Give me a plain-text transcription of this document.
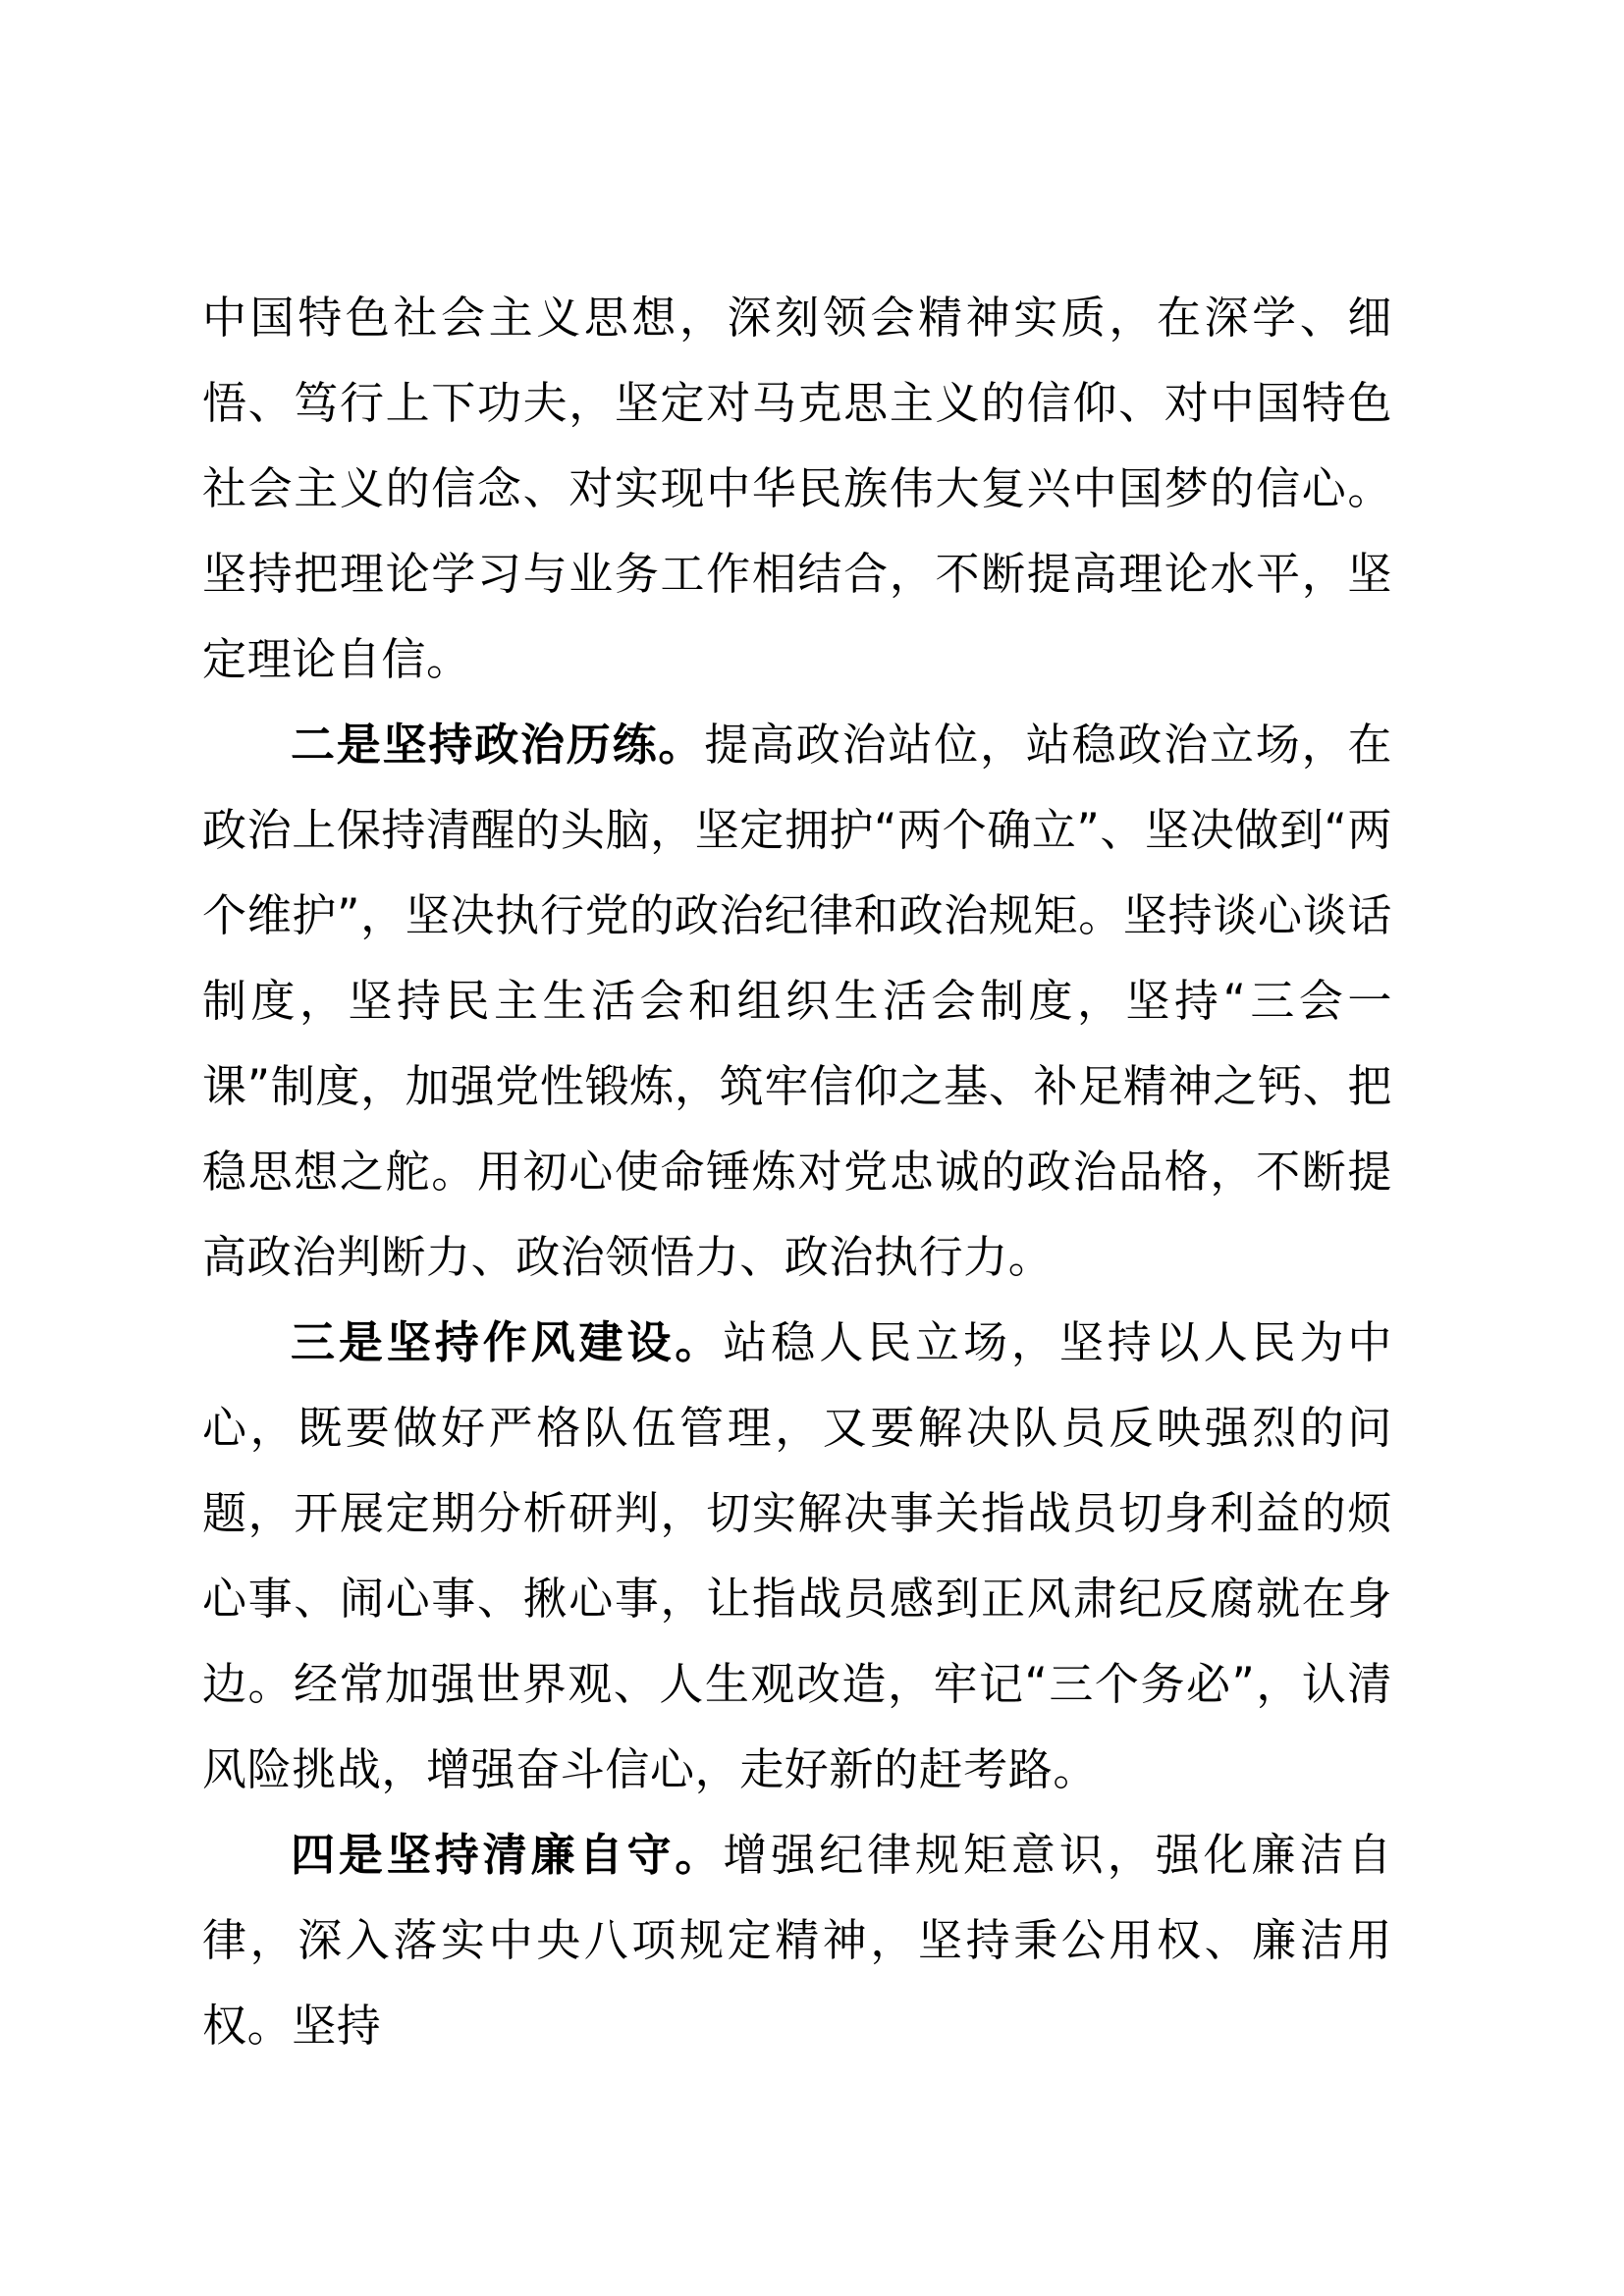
中国特色社会主义思想，深刻领会精神实质，在深学、细悟、笃行上下功夫，坚定对马克思主义的信仰、对中国特色社会主义的信念、对实现中华民族伟大复兴中国梦的信心。坚持把理论学习与业务工作相结合，不断提高理论水平，坚定理论自信。

二是坚持政治历练。提高政治站位，站稳政治立场，在政治上保持清醒的头脑，坚定拥护“两个确立”、坚决做到“两个维护”，坚决执行党的政治纪律和政治规矩。坚持谈心谈话制度，坚持民主生活会和组织生活会制度，坚持“三会一课”制度，加强党性锻炼，筑牢信仰之基、补足精神之钙、把稳思想之舵。用初心使命锤炼对党忠诚的政治品格，不断提高政治判断力、政治领悟力、政治执行力。

三是坚持作风建设。站稳人民立场，坚持以人民为中心，既要做好严格队伍管理，又要解决队员反映强烈的问题，开展定期分析研判，切实解决事关指战员切身利益的烦心事、闹心事、揪心事，让指战员感到正风肃纪反腐就在身边。经常加强世界观、人生观改造，牢记“三个务必”，认清风险挑战，增强奋斗信心，走好新的赶考路。

四是坚持清廉自守。增强纪律规矩意识，强化廉洁自律，深入落实中央八项规定精神，坚持秉公用权、廉洁用权。坚持
